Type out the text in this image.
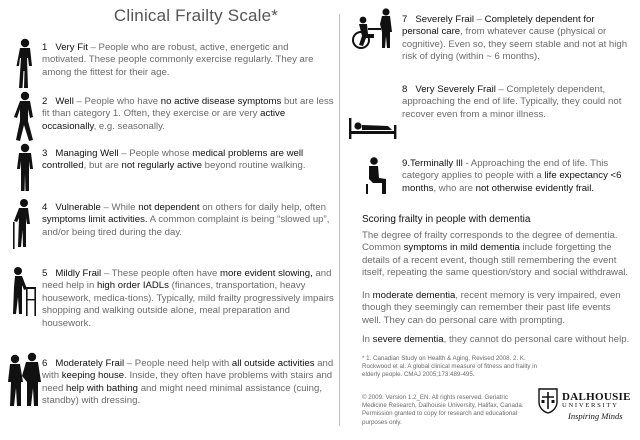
Clinical Frailty Scale*
1 Very Fit – People who are robust, active, energetic and motivated. These people commonly exercise regularly. They are among the fittest for their age.
2 Well – People who have no active disease symptoms but are less fit than category 1. Often, they exercise or are very active occasionally, e.g. seasonally.
3 Managing Well – People whose medical problems are well controlled, but are not regularly active beyond routine walking.
4 Vulnerable – While not dependent on others for daily help, often symptoms limit activities. A common complaint is being “slowed up”, and/or being tired during the day.
5 Mildly Frail – These people often have more evident slowing, and need help in high order IADLs (finances, transportation, heavy housework, medica-tions). Typically, mild frailty progressively impairs shopping and walking outside alone, meal preparation and housework.
6 Moderately Frail – People need help with all outside activities and with keeping house. Inside, they often have problems with stairs and need help with bathing and might need minimal assistance (cuing, standby) with dressing.
7 Severely Frail – Completely dependent for personal care, from whatever cause (physical or cognitive). Even so, they seem stable and not at high risk of dying (within ~ 6 months).
8 Very Severely Frail – Completely dependent, approaching the end of life. Typically, they could not recover even from a minor illness.
9.Terminally Ill - Approaching the end of life. This category applies to people with a life expectancy <6 months, who are not otherwise evidently frail.
Scoring frailty in people with dementia
The degree of frailty corresponds to the degree of dementia. Common symptoms in mild dementia include forgetting the details of a recent event, though still remembering the event itself, repeating the same question/story and social withdrawal.
In moderate dementia, recent memory is very impaired, even though they seemingly can remember their past life events well. They can do personal care with prompting.
In severe dementia, they cannot do personal care without help.
* 1. Canadian Study on Health & Aging, Revised 2008. 2. K. Rockwood et al. A global clinical measure of fitness and frailty in elderly people. CMAJ 2005;173:489-495.
© 2009. Version 1.2_EN. All rights reserved. Geriatric Medicine Research, Dalhousie University, Halifax, Canada. Permission granted to copy for research and educational purposes only.
DALHOUSIE
UNIVERSITY
Inspiring Minds
